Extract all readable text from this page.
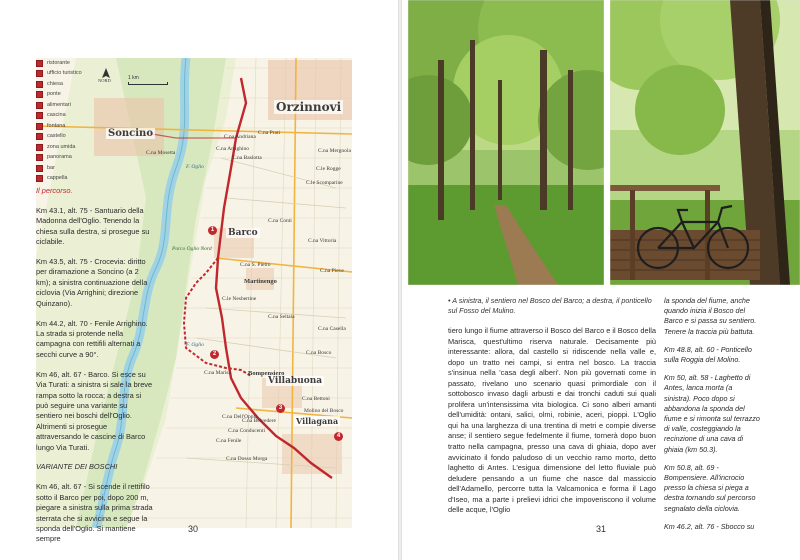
1 km
NORD
Soncino
Orzinnovi
Barco
Villabuona
Villagana
C.na Mosetta
C.na Andriana
C.na Prati
C.na Arrighino
C.na Baslotta
C.na Mergnola
C.le Rogge
C.le Scomparine
C.na Conti
C.na Vittoria
C.na Pieve
C.na S. Pietro
Martinengo
C.le Nesbertine
C.na Seltaia
C.na Casella
C.na Bosco
Bompensiero
C.na Marisa
C.na Belvedere
C.na Bettoni
Molino del Bosco
C.na Dell'Oppia
C.na Conducenti
C.na Dosso Morga
C.na Fenile
Parco Oglio Nord
F. Oglio
F. Oglio
1
2
3
4
ristorante
ufficio turistico
chiesa
ponte
alimentari
cascina
fontana
castello
zona umida
panorama
bar
cappella

Il percorso.

Km 43.1, alt. 75 - Santuario della Madonna dell'Oglio. Tenendo la chiesa sulla destra, si prosegue su ciclabile.

Km 43.5, alt. 75 - Crocevia: diritto per diramazione a Soncino (a 2 km); a sinistra continuazione della ciclovia (Via Arrighini; direzione Quinzano).

Km 44.2, alt. 70 - Fenile Arrighino. La strada si protende nella campagna con rettifili alternati a secchi curve a 90°.

Km 46, alt. 67 - Barco. Si esce su Via Turati: a sinistra si sale la breve rampa sotto la rocca; a destra si può seguire una variante su sentiero nei boschi dell'Oglio. Altrimenti si prosegue attraversando le cascine di Barco lungo Via Turati.

VARIANTE DEI BOSCHI

Km 46, alt. 67 - Si scende il rettifilo sotto il Barco per poi, dopo 200 m, piegare a sinistra sulla prima strada sterrata che si avvicina e segue la sponda dell'Oglio. Si mantiene sempre

30
• A sinistra, il sentiero nel Bosco del Barco; a destra, il ponticello sul Fosso del Mulino.
tiero lungo il fiume attraverso il Bosco del Barco e il Bosco della Marisca, quest'ultimo riserva naturale. Decisamente più interessante: allora, dal castello si ridiscende nella valle e, dopo un tratto nei campi, si entra nel bosco. La traccia s'insinua nella 'casa degli alberi'. Non più governati come in passato, rivelano uno scenario quasi primordiale con il sottobosco invaso dagli arbusti e dai tronchi caduti sui quali prolifera un'intensissima vita biologica. Ci sono alberi amanti dell'umidità: ontani, salici, olmi, robinie, aceri, pioppi. L'Oglio qui ha una larghezza di una trentina di metri e compie diverse anse; il sentiero segue fedelmente il fiume, tornerà dopo buon tratto nella campagna, presso una cava di ghiaia, dopo aver avvicinato il fondo paludoso di un vecchio ramo morto, detto laghetto di Antes. L'esigua dimensione del letto fluviale può deludere pensando a un fiume che nasce dal massiccio dell'Adamello, percorre tutta la Valcamonica e forma il Lago d'Iseo, ma a parte i prelievi idrici che impoveriscono il volume delle acque, l'Oglio

la sponda del fiume, anche quando inizia il Bosco del Barco e si passa su sentiero. Tenere la traccia più battuta.

Km 48.8, alt. 60 - Ponticello sulla Roggia del Molino.

Km 50, alt. 58 - Laghetto di Antes, lanca morta (a sinistra). Poco dopo si abbandona la sponda del fiume e si rimonta sul terrazzo di valle, costeggiando la recinzione di una cava di ghiaia (km 50.3).

Km 50.8, alt. 69 - Bompensiere. All'incrocio presso la chiesa si piega a destra tornando sul percorso segnalato della ciclovia.

Km 46.2, alt. 76 - Sbocco su

31
